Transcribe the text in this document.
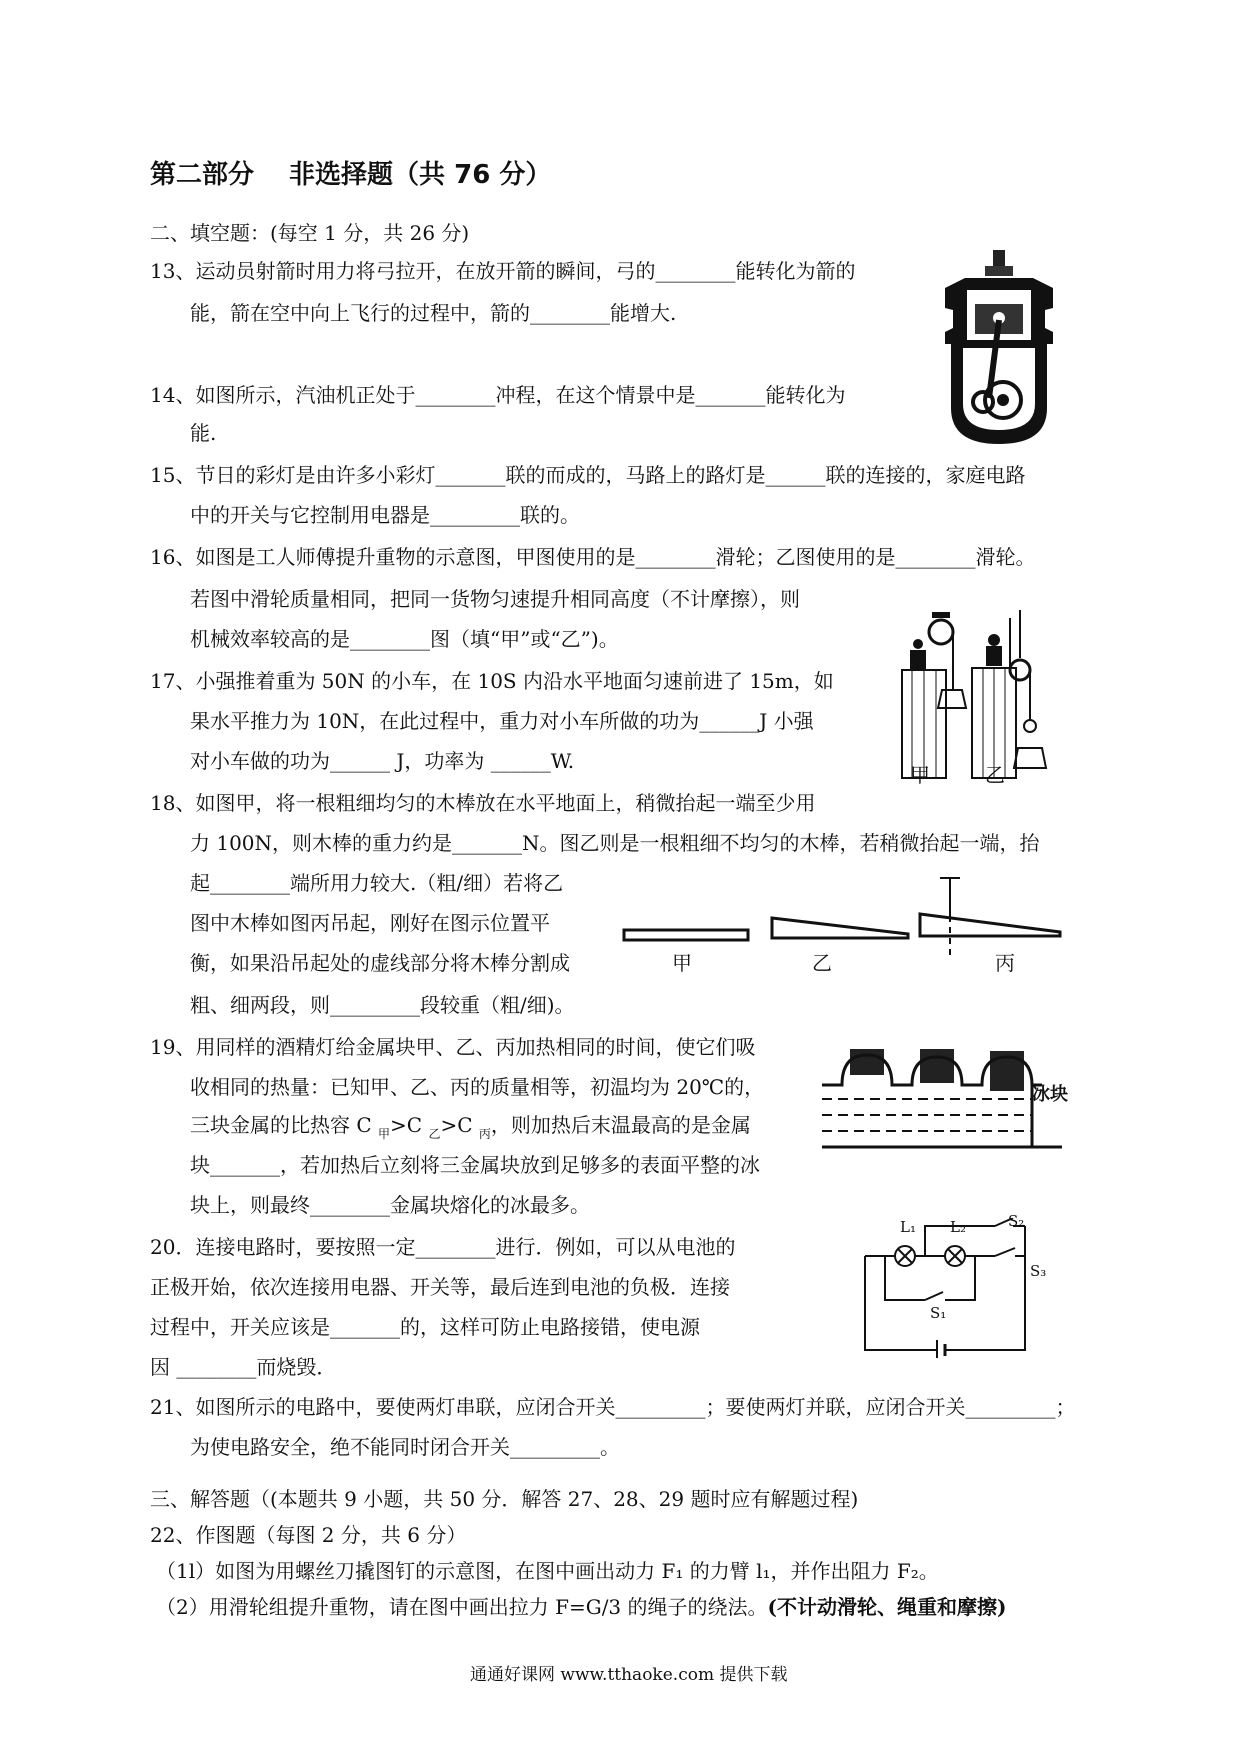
第二部分　 非选择题（共 76 分）
二、填空题：(每空 1 分，共 26 分)
13、运动员射箭时用力将弓拉开，在放开箭的瞬间，弓的________能转化为箭的
能，箭在空中向上飞行的过程中，箭的________能增大.
14、如图所示，汽油机正处于________冲程，在这个情景中是_______能转化为
能.
15、节日的彩灯是由许多小彩灯_______联的而成的，马路上的路灯是______联的连接的，家庭电路
中的开关与它控制用电器是_________联的。
16、如图是工人师傅提升重物的示意图，甲图使用的是________滑轮；乙图使用的是________滑轮。
若图中滑轮质量相同，把同一货物匀速提升相同高度（不计摩擦），则
机械效率较高的是________图（填“甲”或“乙”)。
甲	乙
17、小强推着重为 50N 的小车，在 10S 内沿水平地面匀速前进了 15m，如
果水平推力为 10N，在此过程中，重力对小车所做的功为______J 小强
对小车做的功为______ J，功率为 ______W.
18、如图甲，将一根粗细均匀的木棒放在水平地面上，稍微抬起一端至少用
力 100N，则木棒的重力约是_______N。图乙则是一根粗细不均匀的木棒，若稍微抬起一端，抬
起________端所用力较大.（粗/细）若将乙
图中木棒如图丙吊起，刚好在图示位置平
衡，如果沿吊起处的虚线部分将木棒分割成
粗、细两段，则_________段较重（粗/细)。
甲	乙	丙
19、用同样的酒精灯给金属块甲、乙、丙加热相同的时间，使它们吸
收相同的热量：已知甲、乙、丙的质量相等，初温均为 20℃的，
三块金属的比热容 C $_甲$>C $_乙$>C $_丙$，则加热后末温最高的是金属
块_______，若加热后立刻将三金属块放到足够多的表面平整的冰
块上，则最终________金属块熔化的冰最多。
冰块
20．连接电路时，要按照一定________进行．例如，可以从电池的
正极开始，依次连接用电器、开关等，最后连到电池的负极．连接
过程中，开关应该是_______的，这样可防止电路接错，使电源
因 ________而烧毁．
L₁ L₂	S₂
S₃
S₁
21、如图所示的电路中，要使两灯串联，应闭合开关_________；要使两灯并联，应闭合开关_________；
为使电路安全，绝不能同时闭合开关_________。
三、解答题（(本题共 9 小题，共 50 分．解答 27、28、29 题时应有解题过程)
22、作图题（每图 2 分，共 6 分）
（1l）如图为用螺丝刀撬图钉的示意图，在图中画出动力 F₁ 的力臂 l₁，并作出阻力 F₂。
（2）用滑轮组提升重物，请在图中画出拉力 F=G/3 的绳子的绕法。(不计动滑轮、绳重和摩擦)
通通好课网 www.tthaoke.com 提供下载
